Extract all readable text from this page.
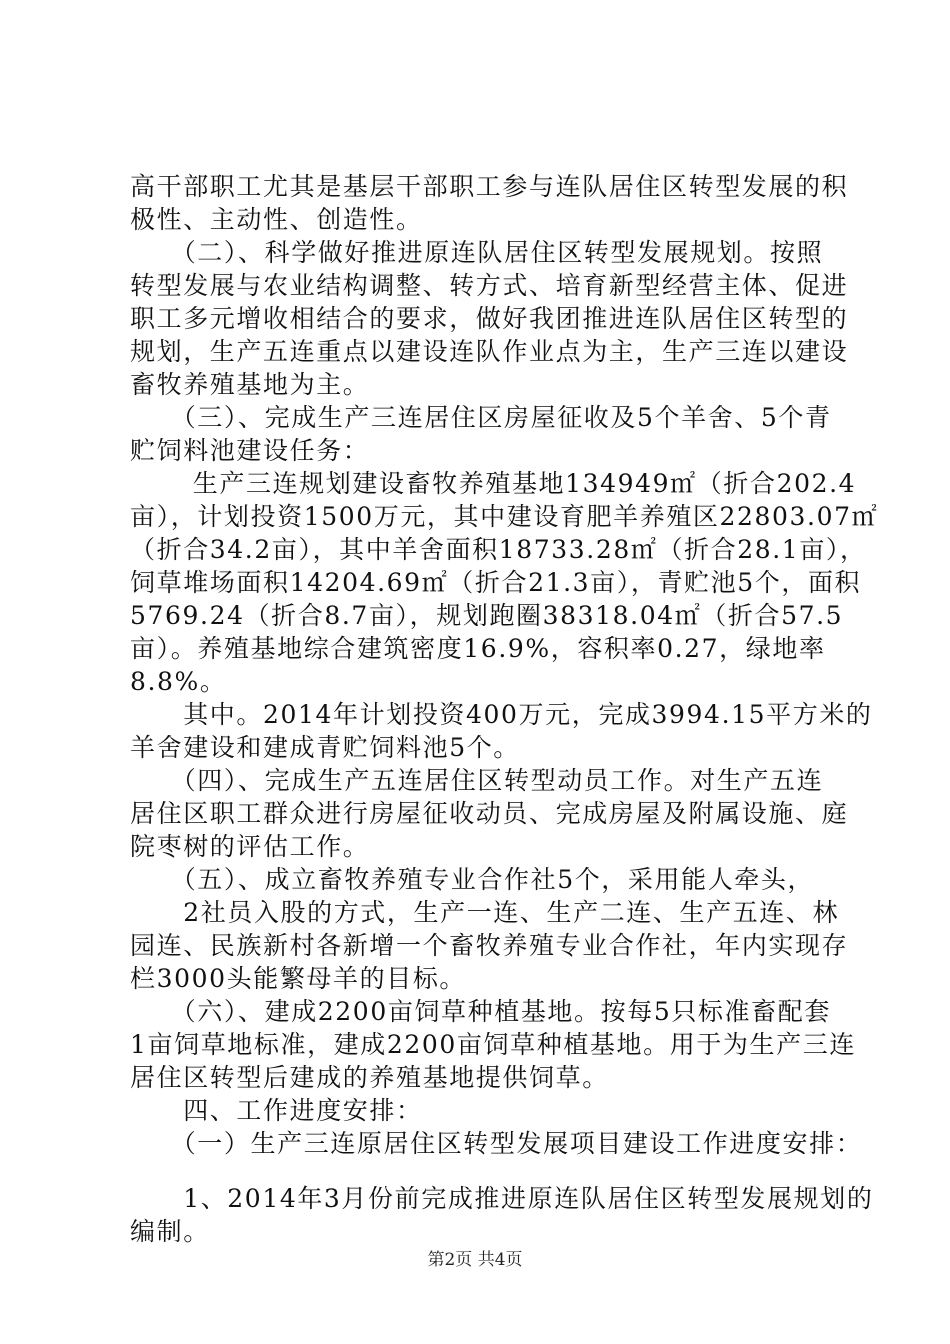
高干部职工尤其是基层干部职工参与连队居住区转型发展的积
极性、主动性、创造性。
　　（二）、科学做好推进原连队居住区转型发展规划。按照
转型发展与农业结构调整、转方式、培育新型经营主体、促进
职工多元增收相结合的要求，做好我团推进连队居住区转型的
规划，生产五连重点以建设连队作业点为主，生产三连以建设
畜牧养殖基地为主。
　　（三）、完成生产三连居住区房屋征收及5个羊舍、5个青
贮饲料池建设任务：
　　 生产三连规划建设畜牧养殖基地134949㎡（折合202.4
亩），计划投资1500万元，其中建设育肥羊养殖区22803.07㎡
（折合34.2亩），其中羊舍面积18733.28㎡（折合28.1亩），
饲草堆场面积14204.69㎡（折合21.3亩），青贮池5个，面积
5769.24（折合8.7亩），规划跑圈38318.04㎡（折合57.5
亩）。养殖基地综合建筑密度16.9%，容积率0.27，绿地率
8.8%。
　　其中。2014年计划投资400万元，完成3994.15平方米的
羊舍建设和建成青贮饲料池5个。
　　（四）、完成生产五连居住区转型动员工作。对生产五连
居住区职工群众进行房屋征收动员、完成房屋及附属设施、庭
院枣树的评估工作。
　　（五）、成立畜牧养殖专业合作社5个，采用能人牵头，
　　2社员入股的方式，生产一连、生产二连、生产五连、林
园连、民族新村各新增一个畜牧养殖专业合作社，年内实现存
栏3000头能繁母羊的目标。
　　（六）、建成2200亩饲草种植基地。按每5只标准畜配套
1亩饲草地标准，建成2200亩饲草种植基地。用于为生产三连
居住区转型后建成的养殖基地提供饲草。
　　四、工作进度安排：
　　（一）生产三连原居住区转型发展项目建设工作进度安排：
　　1、2014年3月份前完成推进原连队居住区转型发展规划的
编制。
第2页 共4页
